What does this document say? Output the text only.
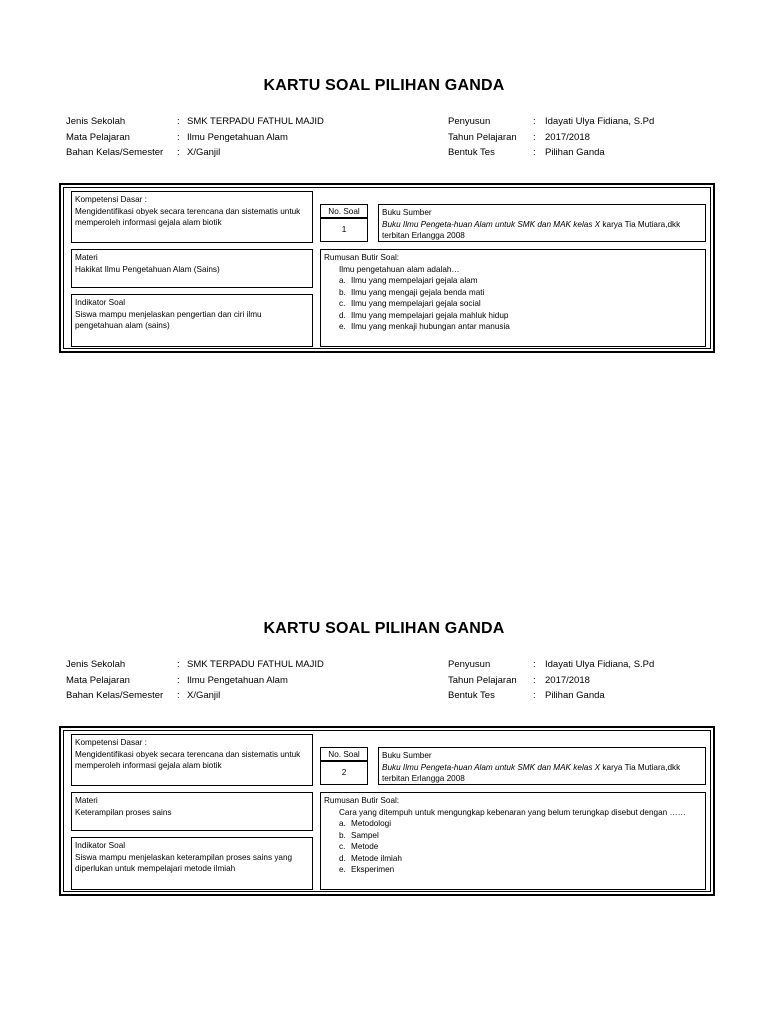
KARTU SOAL PILIHAN GANDA
Jenis Sekolah	: SMK TERPADU FATHUL MAJID
Mata Pelajaran	: Ilmu Pengetahuan Alam
Bahan Kelas/Semester : X/Ganjil
Penyusun	: Idayati Ulya Fidiana, S.Pd
Tahun Pelajaran : 2017/2018
Bentuk Tes	: Pilihan Ganda
Kompetensi Dasar :
Mengidentifikasi obyek secara terencana dan sistematis untuk memperoleh informasi gejala alam biotik
No. Soal
1
Buku Sumber
Buku Ilmu Pengeta-huan Alam untuk SMK dan MAK kelas X karya Tia Mutiara,dkk terbitan Erlangga 2008
Materi
Hakikat Ilmu Pengetahuan Alam (Sains)
Indikator Soal
Siswa mampu menjelaskan pengertian dan ciri ilmu pengetahuan alam (sains)
Rumusan Butir Soal:
Ilmu pengetahuan alam adalah…
a. Ilmu yang mempelajari gejala alam
b. Ilmu yang mengaji gejala benda mati
c. Ilmu yang mempelajari gejala social
d. Ilmu yang mempelajari gejala mahluk hidup
e. Ilmu yang menkaji hubungan antar manusia
KARTU SOAL PILIHAN GANDA
Jenis Sekolah	: SMK TERPADU FATHUL MAJID
Mata Pelajaran	: Ilmu Pengetahuan Alam
Bahan Kelas/Semester : X/Ganjil
Penyusun	: Idayati Ulya Fidiana, S.Pd
Tahun Pelajaran : 2017/2018
Bentuk Tes	: Pilihan Ganda
Kompetensi Dasar :
Mengidentifikasi obyek secara terencana dan sistematis untuk memperoleh informasi gejala alam biotik
No. Soal
2
Buku Sumber
Buku Ilmu Pengeta-huan Alam untuk SMK dan MAK kelas X karya Tia Mutiara,dkk terbitan Erlangga 2008
Materi
Keterampilan proses sains
Indikator Soal
Siswa mampu menjelaskan keterampilan proses sains yang diperlukan untuk mempelajari metode ilmiah
Rumusan Butir Soal:
Cara yang ditempuh untuk mengungkap kebenaran yang belum terungkap disebut dengan ……
a. Metodologi
b. Sampel
c. Metode
d. Metode ilmiah
e. Eksperimen
